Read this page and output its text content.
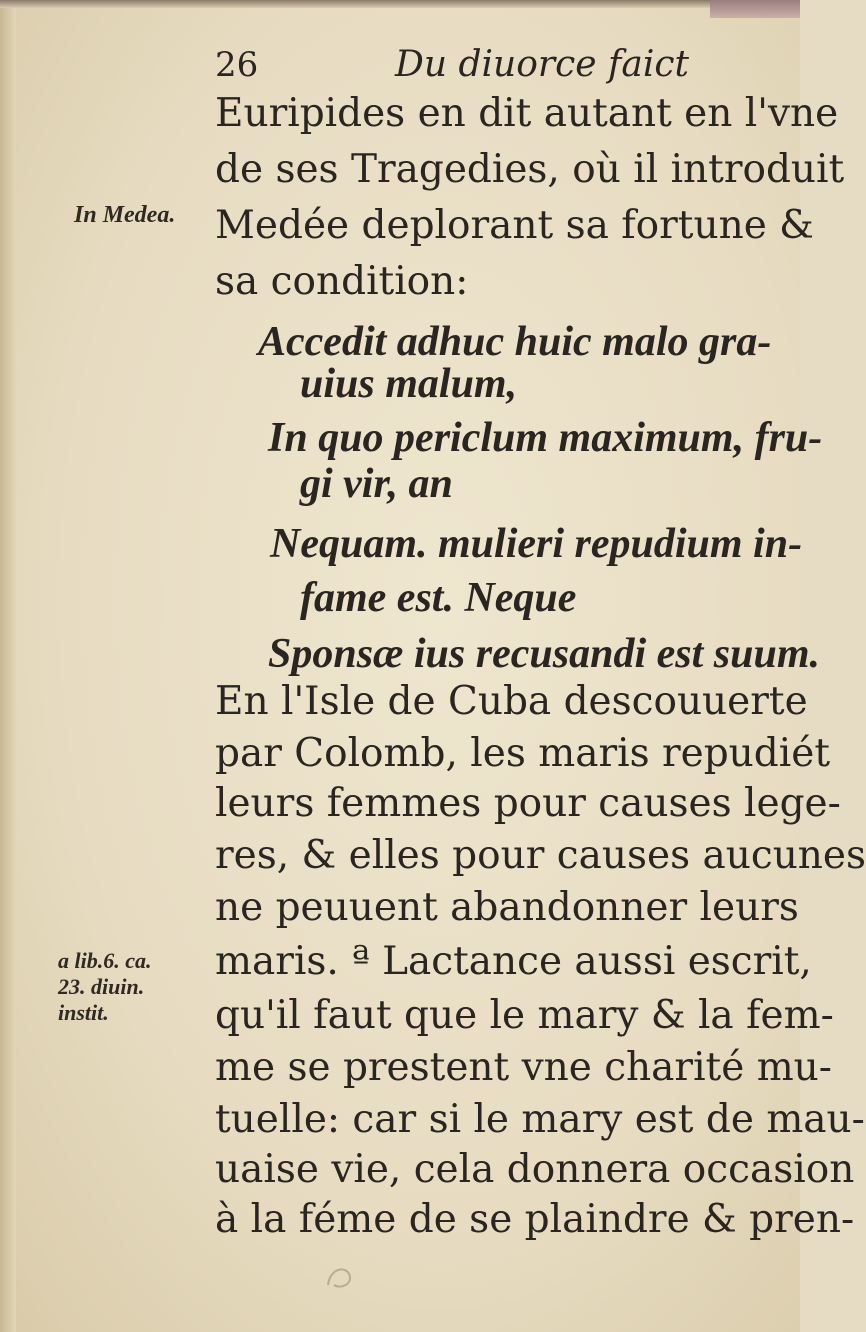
26	Du diuorce faict
Euripides en dit autant en l'vne
de ses Tragedies, où il introduit
Medée deplorant sa fortune &
sa condition:
Accedit adhuc huic malo gra-
uius malum,
In quo periclum maximum, fru-
gi vir, an
Nequam. mulieri repudium in-
fame est. Neque
Sponsæ ius recusandi est suum.
En l'Isle de Cuba descouuerte
par Colomb, les maris repudiét
leurs femmes pour causes lege-
res, & elles pour causes aucunes
ne peuuent abandonner leurs
maris. ª Lactance aussi escrit,
qu'il faut que le mary & la fem-
me se prestent vne charité mu-
tuelle: car si le mary est de mau-
uaise vie, cela donnera occasion
à la féme de se plaindre & pren-
In Medea.
a lib.6. ca.
23. diuin.
instit.
